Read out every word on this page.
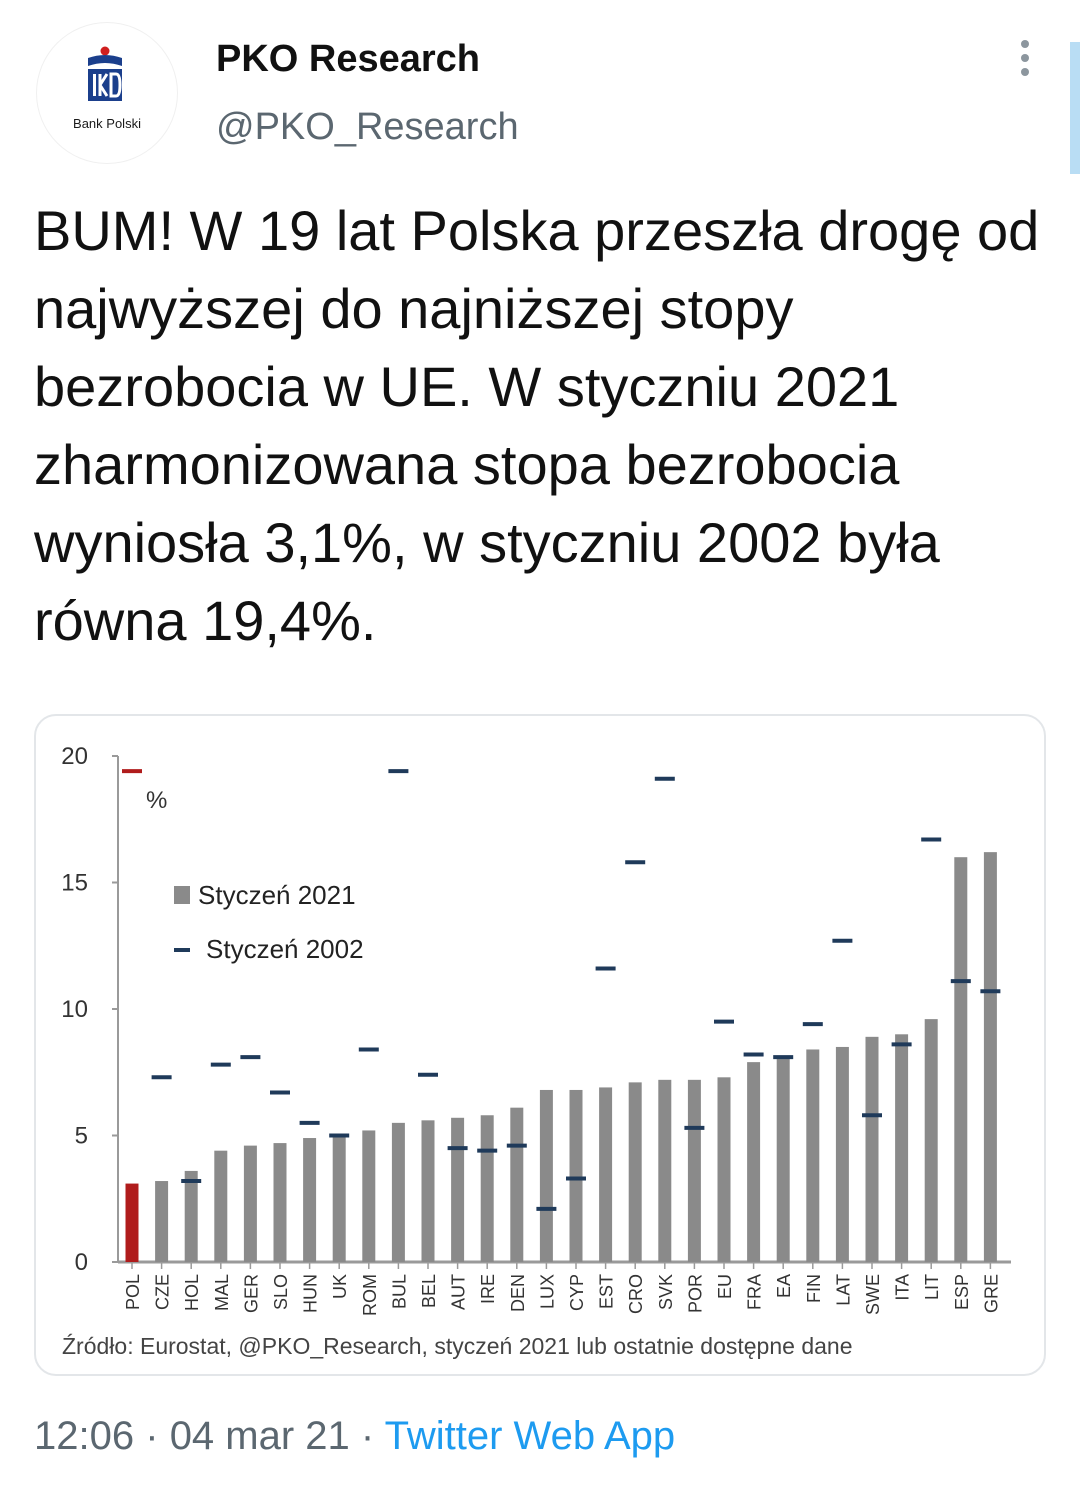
Bank Polski
PKO Research
@PKO_Research
BUM! W 19 lat Polska przeszła drogę od najwyższej do najniższej stopy bezrobocia w UE. W styczniu 2021 zharmonizowana stopa bezrobocia wyniosła 3,1%, w styczniu 2002 była równa 19,4%.
0
5
10
15
20
%
POL CZE HOL MAL GER SLO HUN UK ROM BUL BEL AUT IRE DEN LUX CYP EST CRO SVK POR EU FRA EA FIN LAT SWE ITA LIT ESP GRE
Styczeń 2021
Styczeń 2002
Źródło: Eurostat, @PKO_Research, styczeń 2021 lub ostatnie dostępne dane
12:06 · 04 mar 21 · Twitter Web App
